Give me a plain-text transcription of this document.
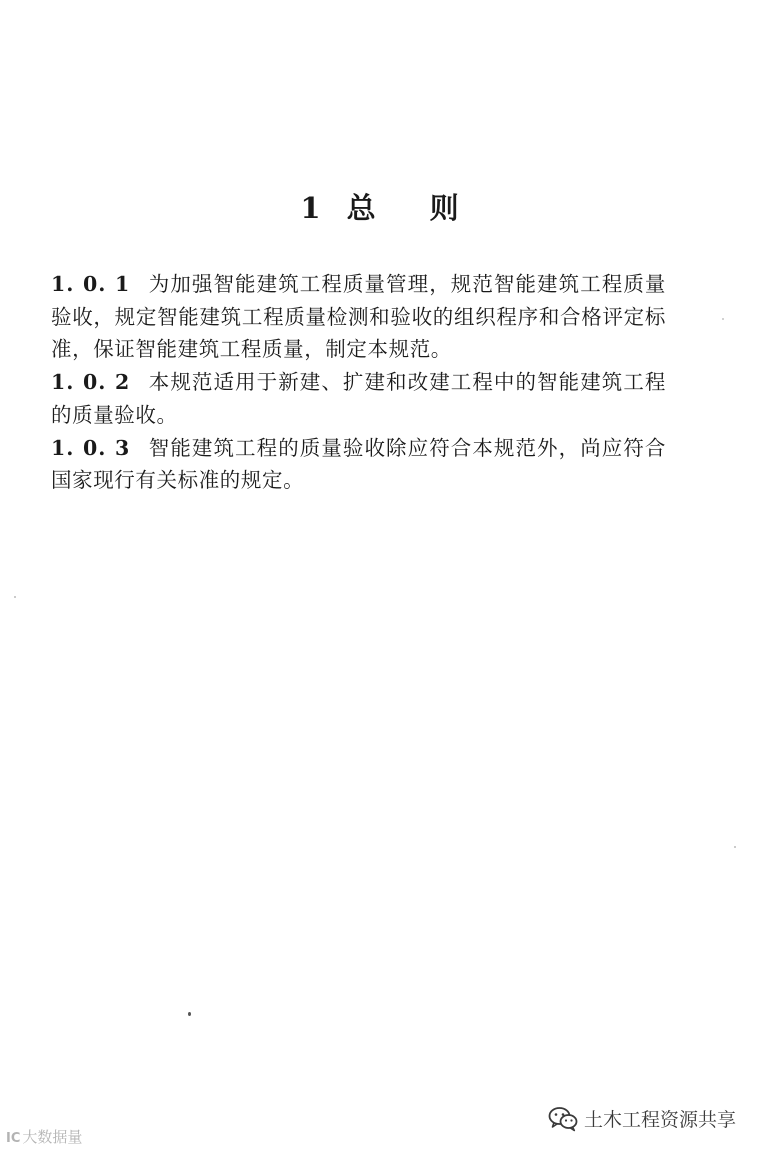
1 总 则

1. 0. 1 为加强智能建筑工程质量管理，规范智能建筑工程质量验收，规定智能建筑工程质量检测和验收的组织程序和合格评定标准，保证智能建筑工程质量，制定本规范。

1. 0. 2 本规范适用于新建、扩建和改建工程中的智能建筑工程的质量验收。

1. 0. 3 智能建筑工程的质量验收除应符合本规范外，尚应符合国家现行有关标准的规定。

IC 大数据量
土木工程资源共享
